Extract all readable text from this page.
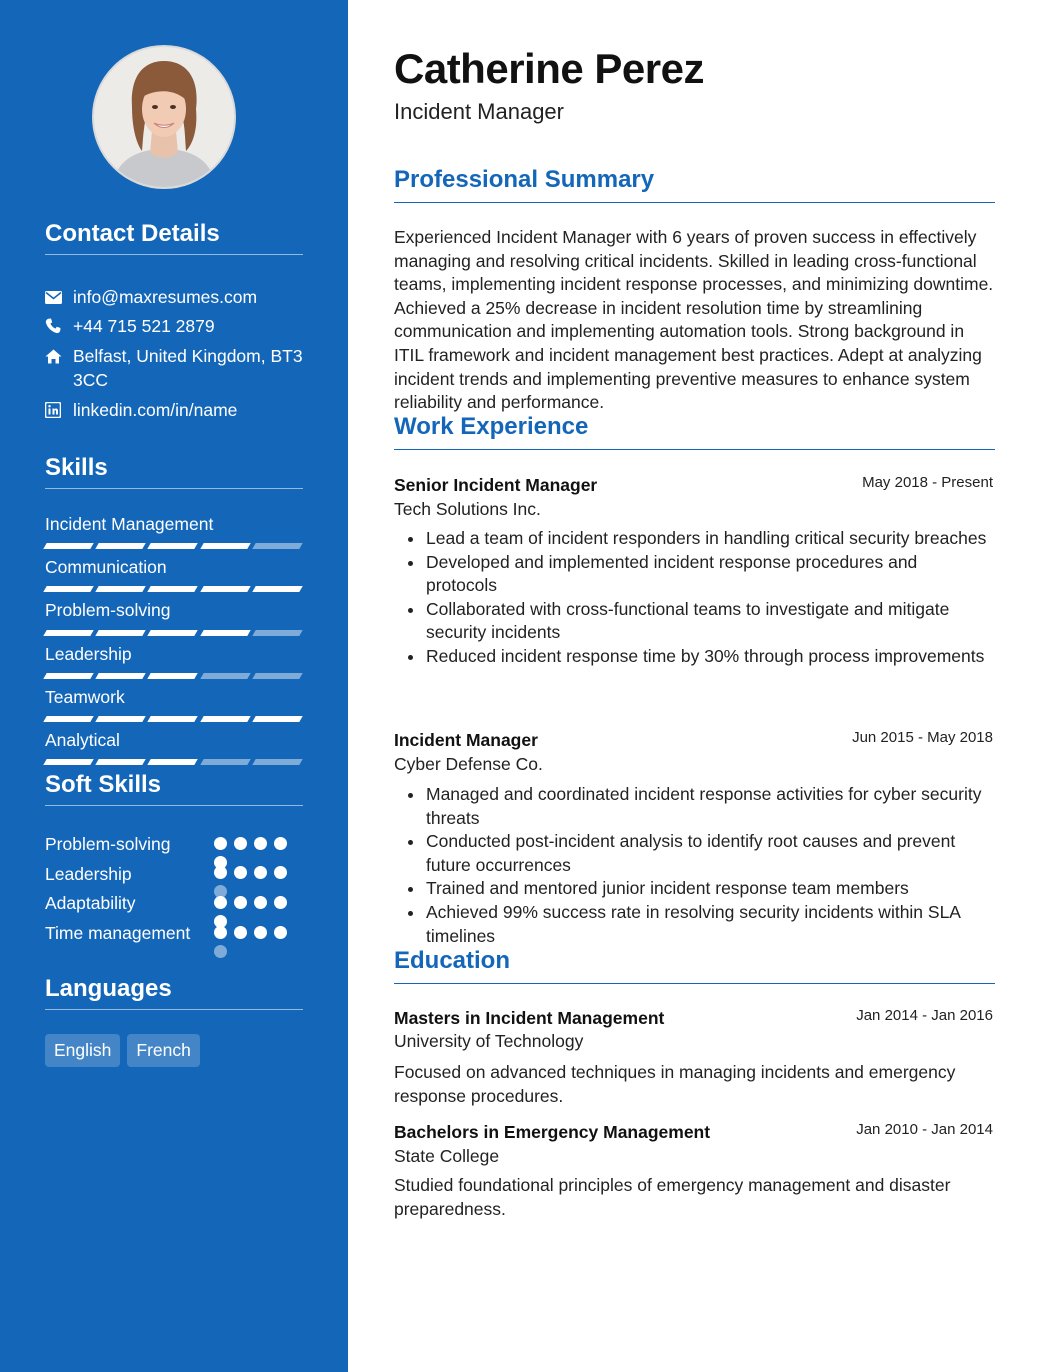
Contact Details
info@maxresumes.com
+44 715 521 2879
Belfast, United Kingdom, BT3 3CC
linkedin.com/in/name
Skills
Incident Management
Communication
Problem-solving
Leadership
Teamwork
Analytical
Soft Skills
Problem-solving
Leadership
Adaptability
Time management
Languages
English	French
Catherine Perez
Incident Manager
Professional Summary
Experienced Incident Manager with 6 years of proven success in effectively managing and resolving critical incidents. Skilled in leading cross-functional teams, implementing incident response processes, and minimizing downtime. Achieved a 25% decrease in incident resolution time by streamlining communication and implementing automation tools. Strong background in ITIL framework and incident management best practices. Adept at analyzing incident trends and implementing preventive measures to enhance system reliability and performance.
Work Experience
Senior Incident Manager	May 2018 - Present
Tech Solutions Inc.
Lead a team of incident responders in handling critical security breaches
Developed and implemented incident response procedures and protocols
Collaborated with cross-functional teams to investigate and mitigate security incidents
Reduced incident response time by 30% through process improvements
Incident Manager	Jun 2015 - May 2018
Cyber Defense Co.
Managed and coordinated incident response activities for cyber security threats
Conducted post-incident analysis to identify root causes and prevent future occurrences
Trained and mentored junior incident response team members
Achieved 99% success rate in resolving security incidents within SLA timelines
Education
Masters in Incident Management	Jan 2014 - Jan 2016
University of Technology
Focused on advanced techniques in managing incidents and emergency response procedures.
Bachelors in Emergency Management	Jan 2010 - Jan 2014
State College
Studied foundational principles of emergency management and disaster preparedness.
